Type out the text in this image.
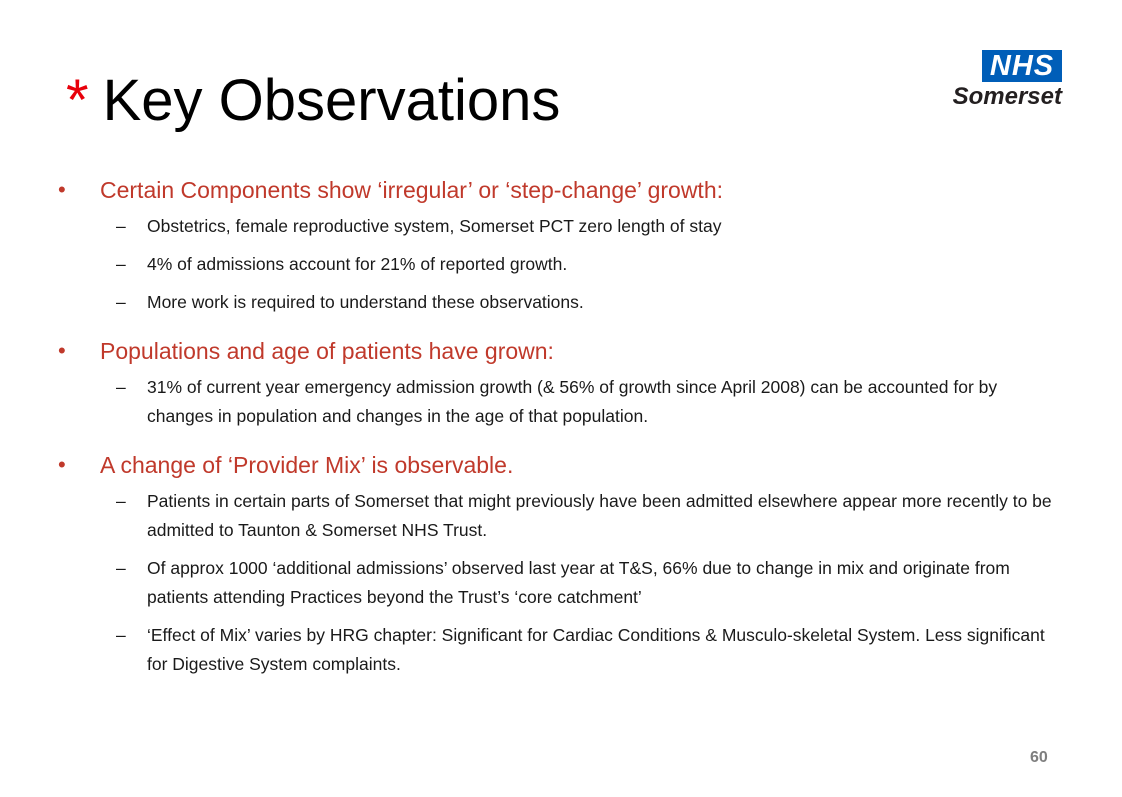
* Key Observations
NHS
Somerset
• Certain Components show ‘irregular’ or ‘step-change’ growth:
– Obstetrics, female reproductive system, Somerset PCT zero length of stay
– 4% of admissions account for 21% of reported growth.
– More work is required to understand these observations.
• Populations and age of patients have grown:
– 31% of current year emergency admission growth (& 56% of growth since April 2008) can be accounted for by changes in population and changes in the age of that population.
• A change of ‘Provider Mix’ is observable.
– Patients in certain parts of Somerset that might previously have been admitted elsewhere appear more recently to be admitted to Taunton & Somerset NHS Trust.
– Of approx 1000 ‘additional admissions’ observed last year at T&S, 66% due to change in mix and originate from patients attending Practices beyond the Trust’s ‘core catchment’
– ‘Effect of Mix’ varies by HRG chapter: Significant for Cardiac Conditions & Musculo-skeletal System. Less significant for Digestive System complaints.
60
